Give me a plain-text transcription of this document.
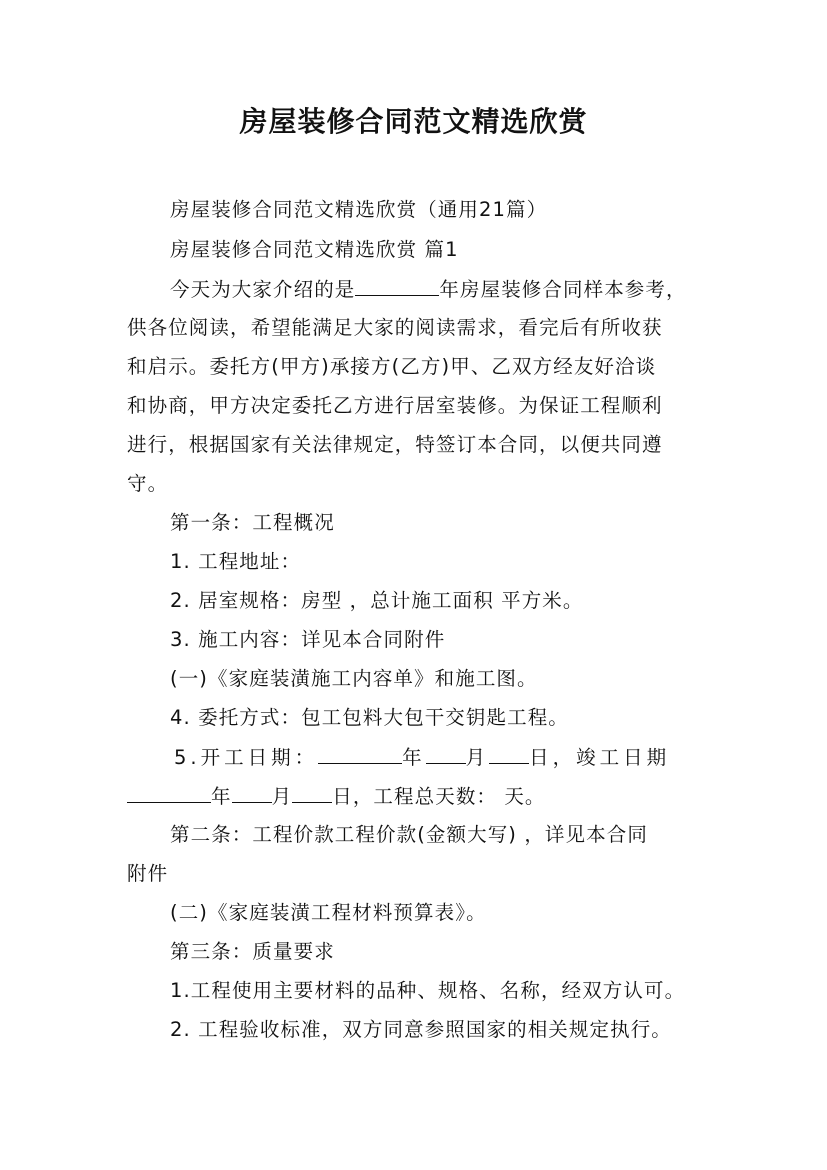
房屋装修合同范文精选欣赏
房屋装修合同范文精选欣赏（通用21篇）
房屋装修合同范文精选欣赏 篇1
今天为大家介绍的是	年房屋装修合同样本参考，
供各位阅读，希望能满足大家的阅读需求，看完后有所收获
和启示。委托方(甲方)承接方(乙方)甲、乙双方经友好洽谈
和协商，甲方决定委托乙方进行居室装修。为保证工程顺利
进行，根据国家有关法律规定，特签订本合同，以便共同遵
守。
第一条：工程概况
1. 工程地址：
2. 居室规格：房型 ，总计施工面积 平方米。
3. 施工内容：详见本合同附件
(一)《家庭装潢施工内容单》和施工图。
4. 委托方式：包工包料大包干交钥匙工程。
5.开工日期：	年 月 日，竣工日期
年 月 日，工程总天数： 天。
第二条：工程价款工程价款(金额大写) ，详见本合同
附件
(二)《家庭装潢工程材料预算表》。
第三条：质量要求
1.工程使用主要材料的品种、规格、名称，经双方认可。
2. 工程验收标准，双方同意参照国家的相关规定执行。
